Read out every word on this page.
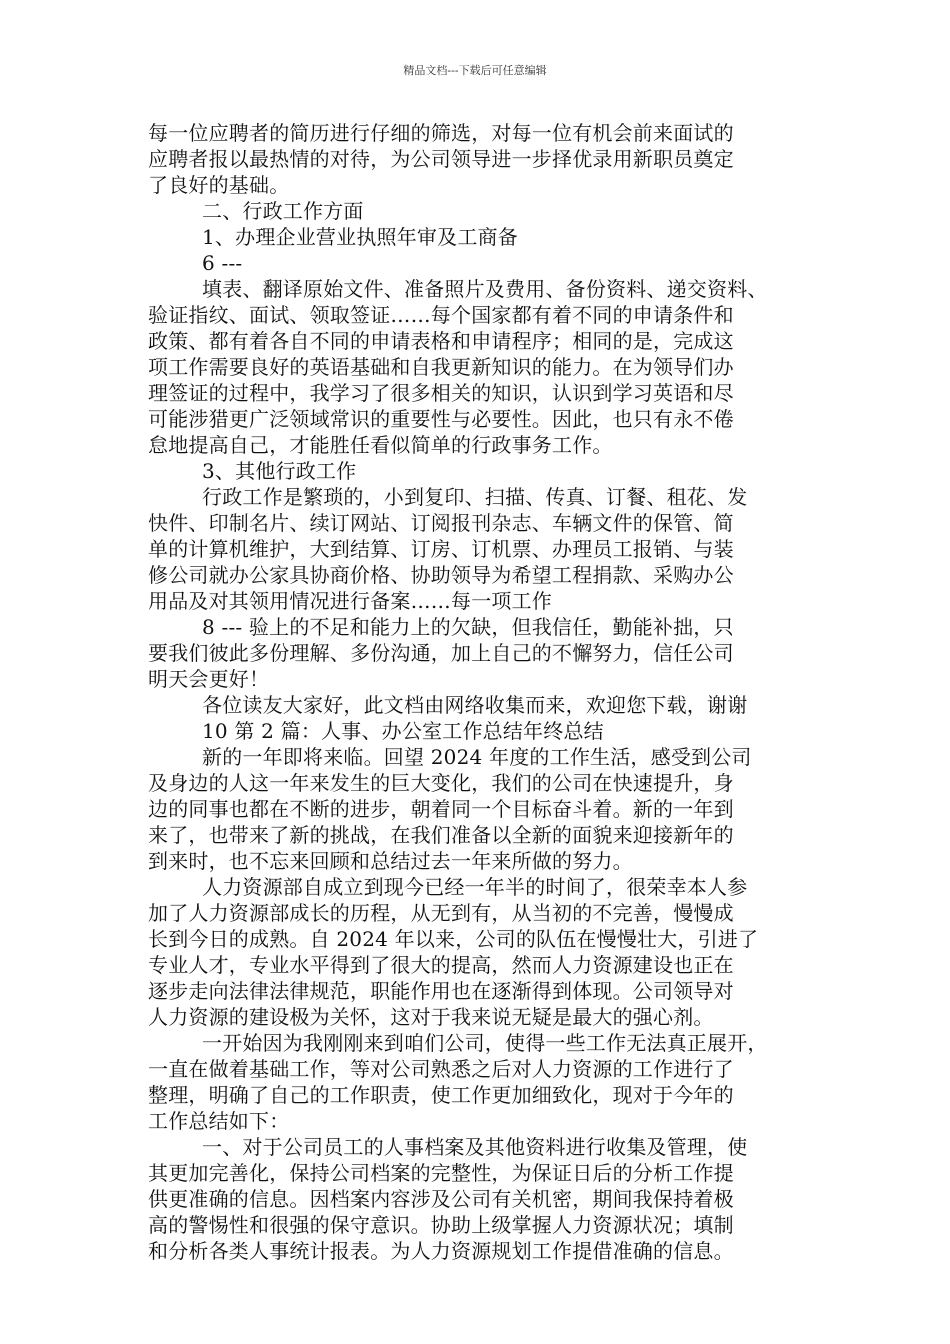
精品文档---下载后可任意编辑
每一位应聘者的简历进行仔细的筛选，对每一位有机会前来面试的
应聘者报以最热情的对待，为公司领导进一步择优录用新职员奠定
了良好的基础。
二、行政工作方面
1、办理企业营业执照年审及工商备
6 ---
填表、翻译原始文件、准备照片及费用、备份资料、递交资料、
验证指纹、面试、领取签证……每个国家都有着不同的申请条件和
政策、都有着各自不同的申请表格和申请程序；相同的是，完成这
项工作需要良好的英语基础和自我更新知识的能力。在为领导们办
理签证的过程中，我学习了很多相关的知识，认识到学习英语和尽
可能涉猎更广泛领域常识的重要性与必要性。因此，也只有永不倦
怠地提高自己，才能胜任看似简单的行政事务工作。
3、其他行政工作
行政工作是繁琐的，小到复印、扫描、传真、订餐、租花、发
快件、印制名片、续订网站、订阅报刊杂志、车辆文件的保管、简
单的计算机维护，大到结算、订房、订机票、办理员工报销、与装
修公司就办公家具协商价格、协助领导为希望工程捐款、采购办公
用品及对其领用情况进行备案……每一项工作
8 --- 验上的不足和能力上的欠缺，但我信任，勤能补拙，只
要我们彼此多份理解、多份沟通，加上自己的不懈努力，信任公司
明天会更好！
各位读友大家好，此文档由网络收集而来，欢迎您下载，谢谢
10 第 2 篇：人事、办公室工作总结年终总结
新的一年即将来临。回望 2024 年度的工作生活，感受到公司
及身边的人这一年来发生的巨大变化，我们的公司在快速提升，身
边的同事也都在不断的进步，朝着同一个目标奋斗着。新的一年到
来了，也带来了新的挑战，在我们准备以全新的面貌来迎接新年的
到来时，也不忘来回顾和总结过去一年来所做的努力。
人力资源部自成立到现今已经一年半的时间了，很荣幸本人参
加了人力资源部成长的历程，从无到有，从当初的不完善，慢慢成
长到今日的成熟。自 2024 年以来，公司的队伍在慢慢壮大，引进了
专业人才，专业水平得到了很大的提高，然而人力资源建设也正在
逐步走向法律法律规范，职能作用也在逐渐得到体现。公司领导对
人力资源的建设极为关怀，这对于我来说无疑是最大的强心剂。
一开始因为我刚刚来到咱们公司，使得一些工作无法真正展开，
一直在做着基础工作，等对公司熟悉之后对人力资源的工作进行了
整理，明确了自己的工作职责，使工作更加细致化，现对于今年的
工作总结如下：
一、对于公司员工的人事档案及其他资料进行收集及管理，使
其更加完善化，保持公司档案的完整性，为保证日后的分析工作提
供更准确的信息。因档案内容涉及公司有关机密，期间我保持着极
高的警惕性和很强的保守意识。协助上级掌握人力资源状况；填制
和分析各类人事统计报表。为人力资源规划工作提借准确的信息。
